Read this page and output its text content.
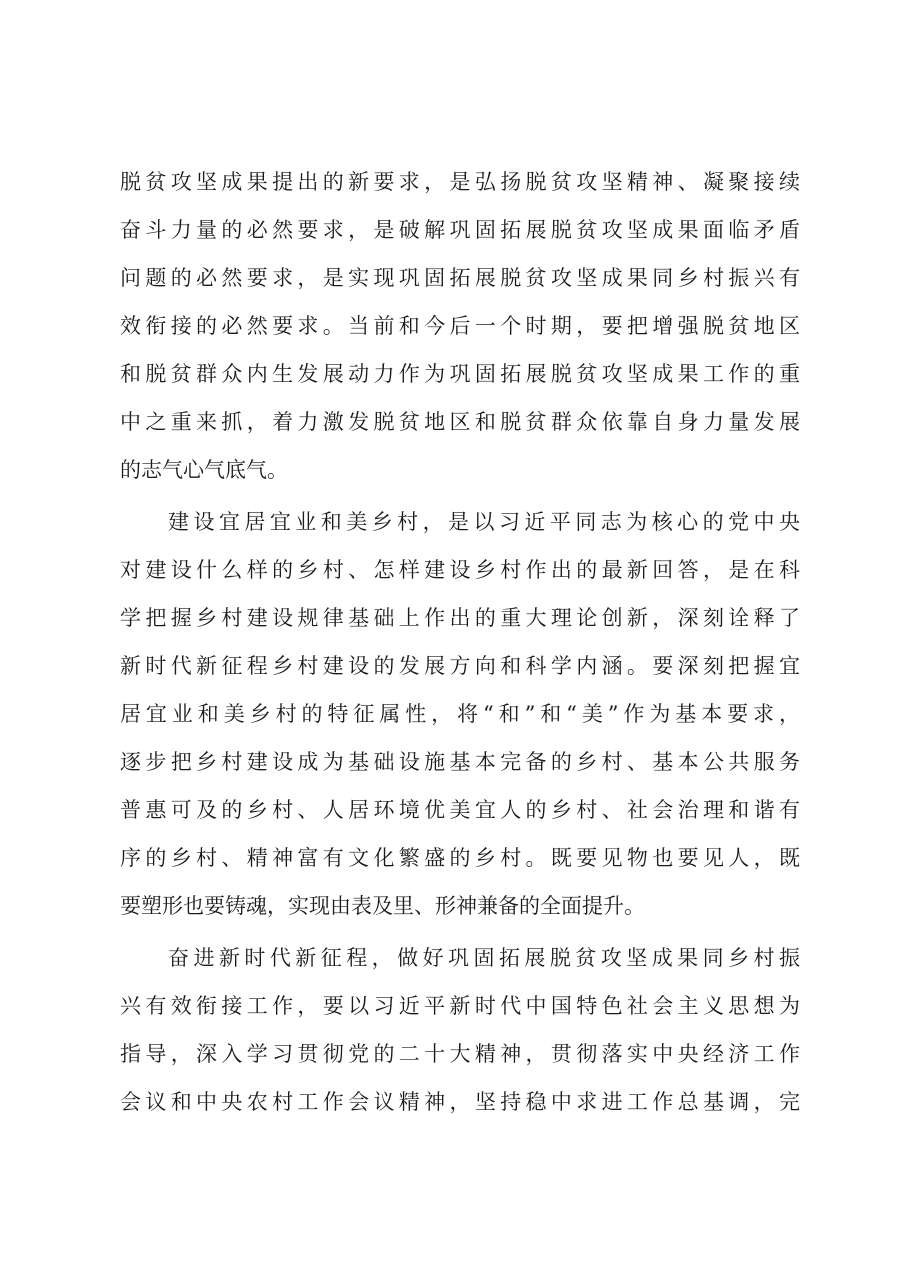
脱贫攻坚成果提出的新要求，是弘扬脱贫攻坚精神、凝聚接续
奋斗力量的必然要求，是破解巩固拓展脱贫攻坚成果面临矛盾
问题的必然要求，是实现巩固拓展脱贫攻坚成果同乡村振兴有
效衔接的必然要求。当前和今后一个时期，要把增强脱贫地区
和脱贫群众内生发展动力作为巩固拓展脱贫攻坚成果工作的重
中之重来抓，着力激发脱贫地区和脱贫群众依靠自身力量发展
的志气心气底气。
建设宜居宜业和美乡村，是以习近平同志为核心的党中央
对建设什么样的乡村、怎样建设乡村作出的最新回答，是在科
学把握乡村建设规律基础上作出的重大理论创新，深刻诠释了
新时代新征程乡村建设的发展方向和科学内涵。要深刻把握宜
居宜业和美乡村的特征属性，将“和”和“美”作为基本要求，
逐步把乡村建设成为基础设施基本完备的乡村、基本公共服务
普惠可及的乡村、人居环境优美宜人的乡村、社会治理和谐有
序的乡村、精神富有文化繁盛的乡村。既要见物也要见人，既
要塑形也要铸魂，实现由表及里、形神兼备的全面提升。
奋进新时代新征程，做好巩固拓展脱贫攻坚成果同乡村振
兴有效衔接工作，要以习近平新时代中国特色社会主义思想为
指导，深入学习贯彻党的二十大精神，贯彻落实中央经济工作
会议和中央农村工作会议精神，坚持稳中求进工作总基调，完
